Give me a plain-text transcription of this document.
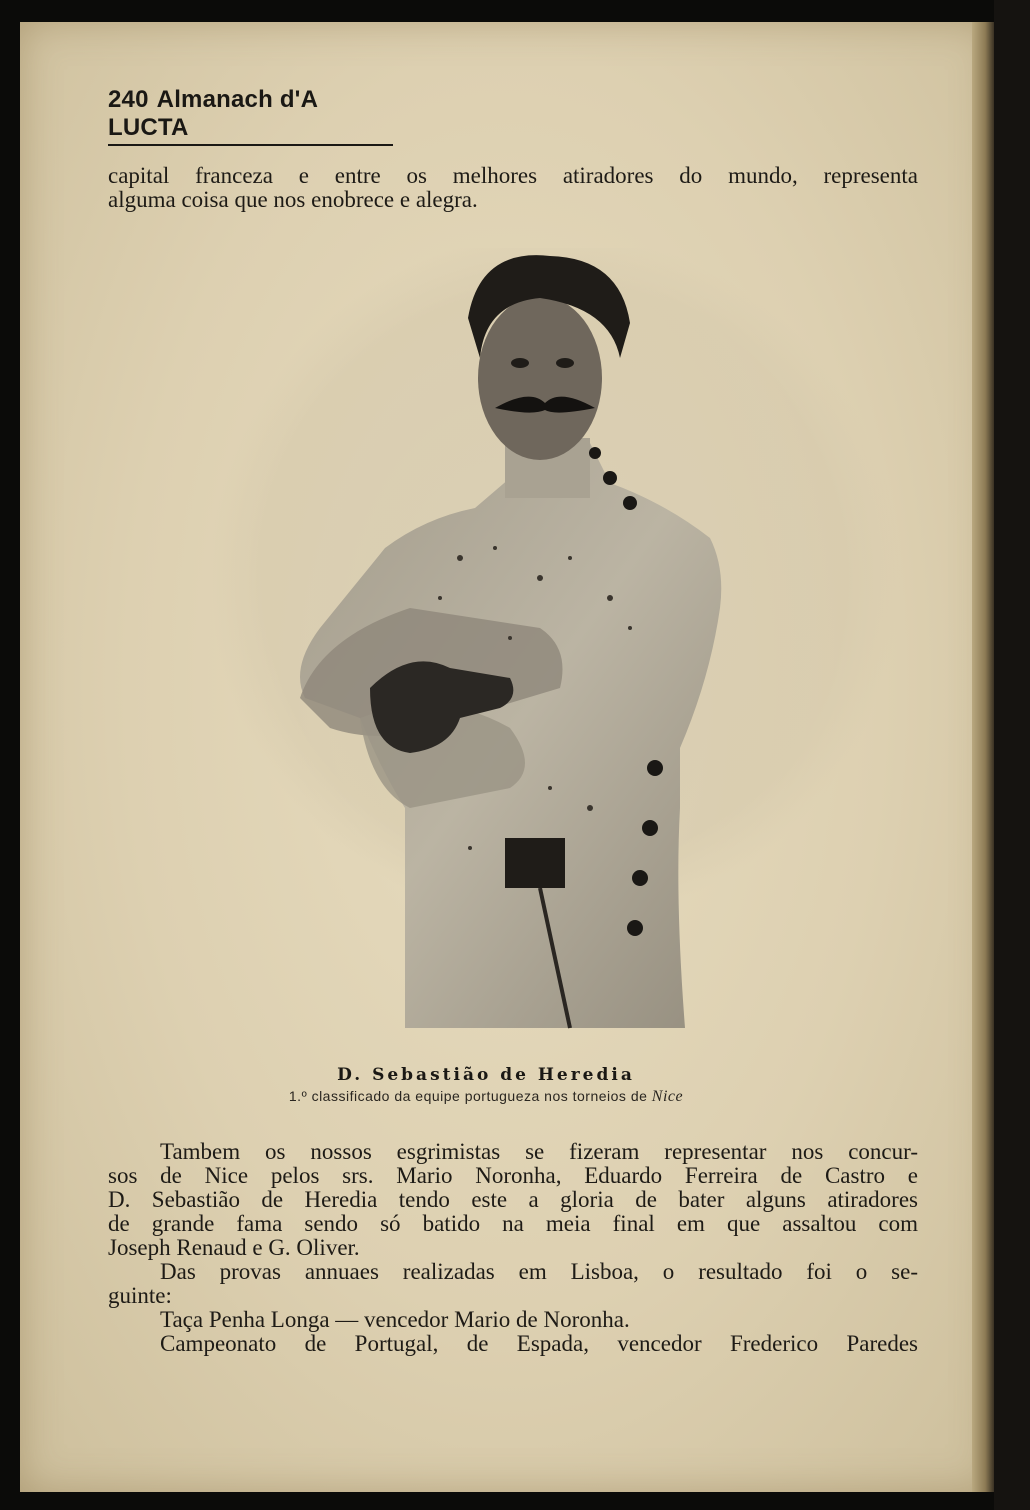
240 Almanach d'A LUCTA
capital franceza e entre os melhores atiradores do mundo, representa
alguma coisa que nos enobrece e alegra.
D. Sebastião de Heredia
1.º classificado da equipe portugueza nos torneios de Nice
Tambem os nossos esgrimistas se fizeram representar nos concur-
sos de Nice pelos srs. Mario Noronha, Eduardo Ferreira de Castro e
D. Sebastião de Heredia tendo este a gloria de bater alguns atiradores
de grande fama sendo só batido na meia final em que assaltou com
Joseph Renaud e G. Oliver.
Das provas annuaes realizadas em Lisboa, o resultado foi o se-
guinte:
Taça Penha Longa — vencedor Mario de Noronha.
Campeonato de Portugal, de Espada, vencedor Frederico Paredes
